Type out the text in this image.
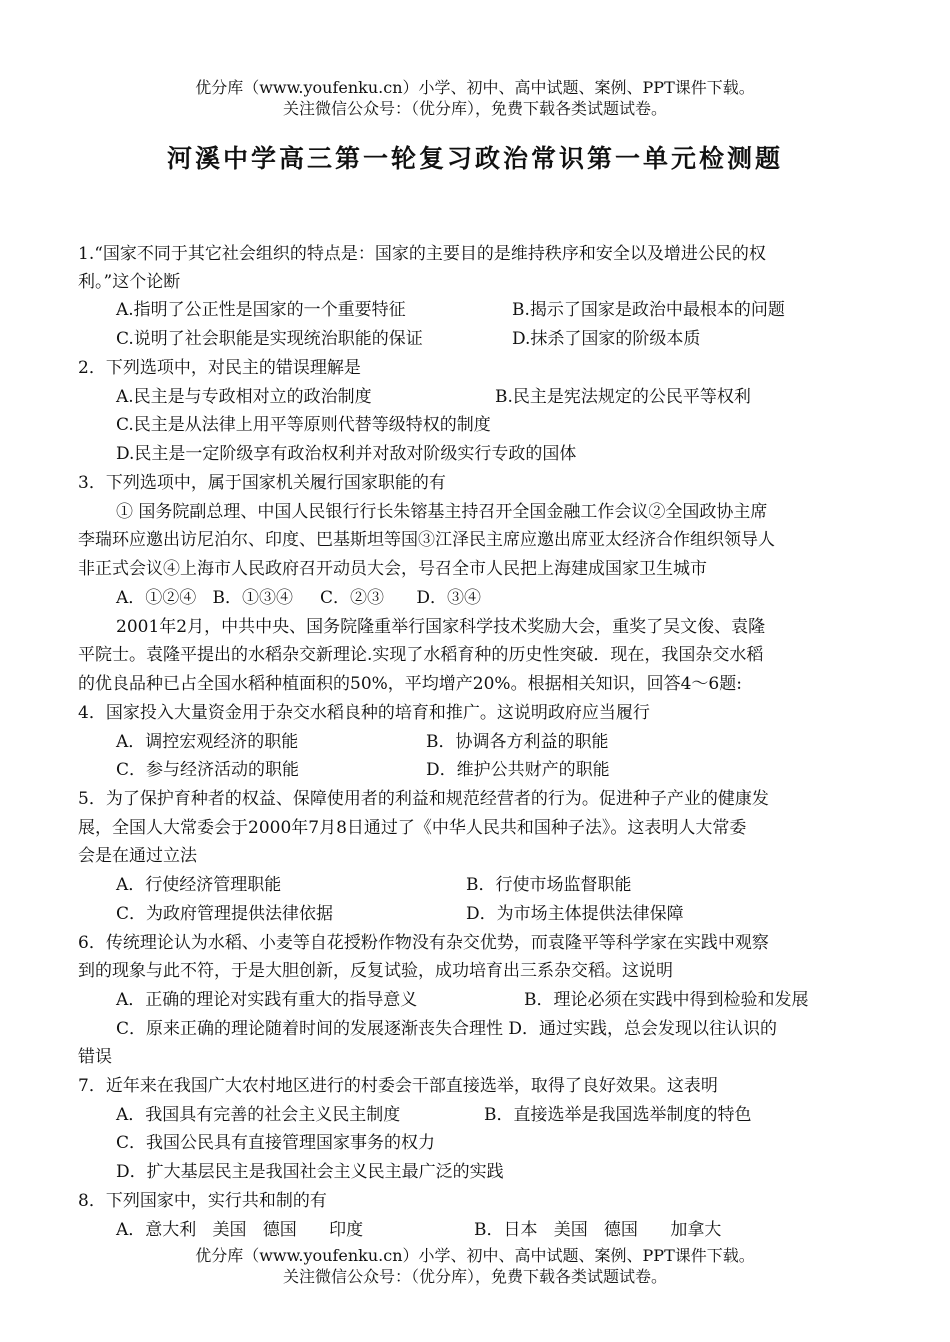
优分库（www.youfenku.cn）小学、初中、高中试题、案例、PPT课件下载。
关注微信公众号：（优分库），免费下载各类试题试卷。
河溪中学高三第一轮复习政治常识第一单元检测题
1.“国家不同于其它社会组织的特点是：国家的主要目的是维持秩序和安全以及增进公民的权
利。”这个论断
A.指明了公正性是国家的一个重要特征	B.揭示了国家是政治中最根本的问题
C.说明了社会职能是实现统治职能的保证	D.抹杀了国家的阶级本质
2．下列选项中，对民主的错误理解是
A.民主是与专政相对立的政治制度	B.民主是宪法规定的公民平等权利
C.民主是从法律上用平等原则代替等级特权的制度
D.民主是一定阶级享有政治权利并对敌对阶级实行专政的国体
3．下列选项中，属于国家机关履行国家职能的有
① 国务院副总理、中国人民银行行长朱镕基主持召开全国金融工作会议②全国政协主席
李瑞环应邀出访尼泊尔、印度、巴基斯坦等国③江泽民主席应邀出席亚太经济合作组织领导人
非正式会议④上海市人民政府召开动员大会，号召全市人民把上海建成国家卫生城市
A．①②④   B．①③④     C．②③      D．③④
2001年2月，中共中央、国务院隆重举行国家科学技术奖励大会，重奖了吴文俊、袁隆
平院士。袁隆平提出的水稻杂交新理论.实现了水稻育种的历史性突破．现在，我国杂交水稻
的优良品种已占全国水稻种植面积的50%，平均增产20%。根据相关知识，回答4～6题:
4．国家投入大量资金用于杂交水稻良种的培育和推广。这说明政府应当履行
A．调控宏观经济的职能	B．协调各方利益的职能
C．参与经济活动的职能	D．维护公共财产的职能
5．为了保护育种者的权益、保障使用者的利益和规范经营者的行为。促进种子产业的健康发
展，全国人大常委会于2000年7月8日通过了《中华人民共和国种子法》。这表明人大常委
会是在通过立法
A．行使经济管理职能	B．行使市场监督职能
C．为政府管理提供法律依据	D．为市场主体提供法律保障
6．传统理论认为水稻、小麦等自花授粉作物没有杂交优势，而袁隆平等科学家在实践中观察
到的现象与此不符，于是大胆创新，反复试验，成功培育出三系杂交稻。这说明
A．正确的理论对实践有重大的指导意义	B．理论必须在实践中得到检验和发展
C．原来正确的理论随着时间的发展逐渐丧失合理性 D．通过实践，总会发现以往认识的
错误
7．近年来在我国广大农村地区进行的村委会干部直接选举，取得了良好效果。这表明
A．我国具有完善的社会主义民主制度	B．直接选举是我国选举制度的特色
C．我国公民具有直接管理国家事务的权力
D．扩大基层民主是我国社会主义民主最广泛的实践
8．下列国家中，实行共和制的有
A．意大利   美国   德国      印度	B．日本   美国   德国      加拿大
优分库（www.youfenku.cn）小学、初中、高中试题、案例、PPT课件下载。
关注微信公众号：（优分库），免费下载各类试题试卷。
